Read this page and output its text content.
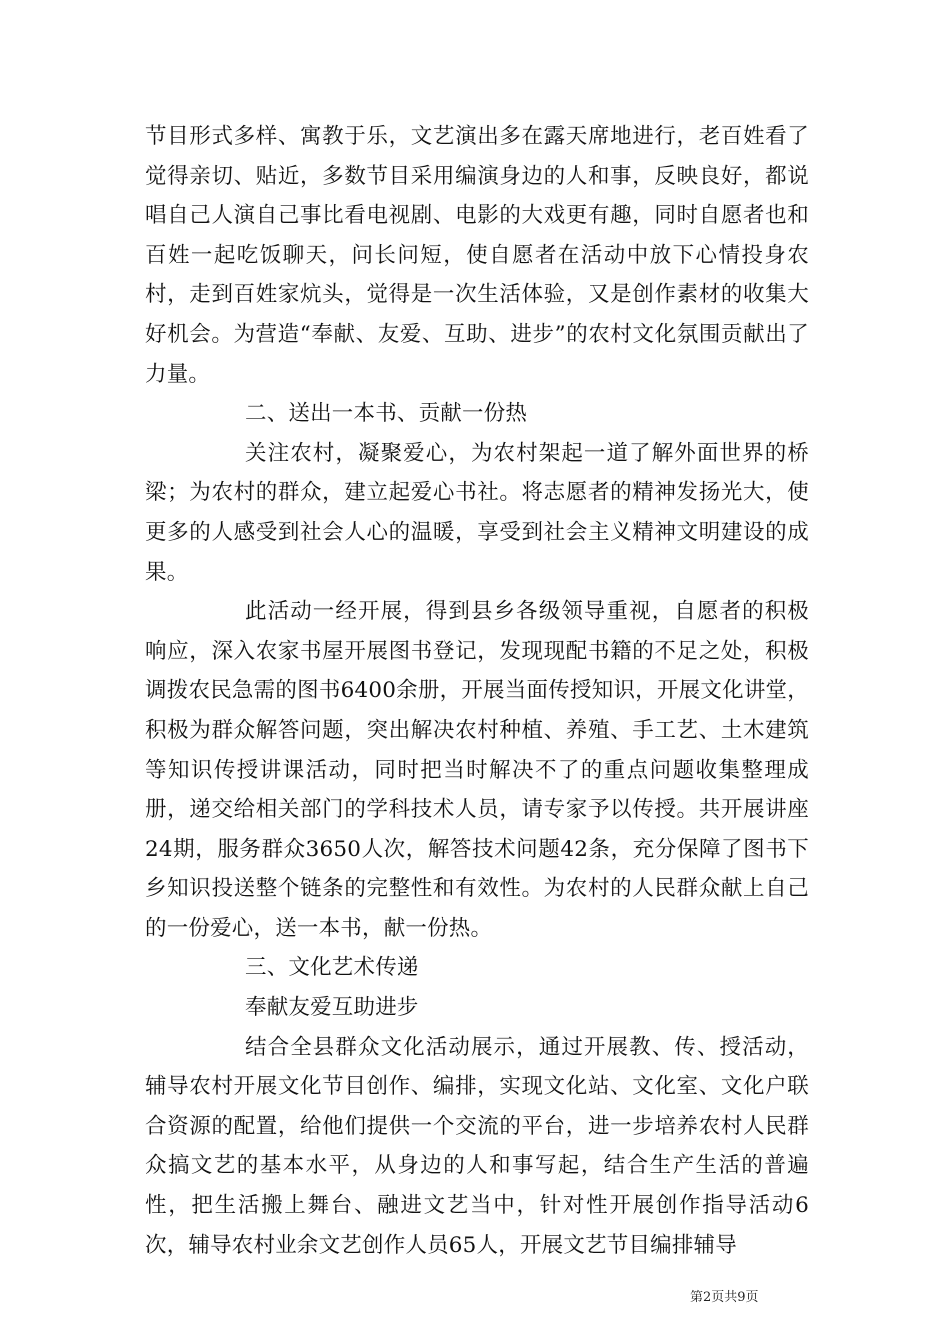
节目形式多样、寓教于乐，文艺演出多在露天席地进行，老百姓看了觉得亲切、贴近，多数节目采用编演身边的人和事，反映良好，都说唱自己人演自己事比看电视剧、电影的大戏更有趣，同时自愿者也和百姓一起吃饭聊天，问长问短，使自愿者在活动中放下心情投身农村，走到百姓家炕头，觉得是一次生活体验，又是创作素材的收集大好机会。为营造“奉献、友爱、互助、进步”的农村文化氛围贡献出了力量。

二、送出一本书、贡献一份热

关注农村，凝聚爱心，为农村架起一道了解外面世界的桥梁；为农村的群众，建立起爱心书社。将志愿者的精神发扬光大，使更多的人感受到社会人心的温暖，享受到社会主义精神文明建设的成果。

此活动一经开展，得到县乡各级领导重视，自愿者的积极响应，深入农家书屋开展图书登记，发现现配书籍的不足之处，积极调拨农民急需的图书6400余册，开展当面传授知识，开展文化讲堂，积极为群众解答问题，突出解决农村种植、养殖、手工艺、土木建筑等知识传授讲课活动，同时把当时解决不了的重点问题收集整理成册，递交给相关部门的学科技术人员，请专家予以传授。共开展讲座24期，服务群众3650人次，解答技术问题42条，充分保障了图书下乡知识投送整个链条的完整性和有效性。为农村的人民群众献上自己的一份爱心，送一本书，献一份热。

三、文化艺术传递

奉献友爱互助进步

结合全县群众文化活动展示，通过开展教、传、授活动，辅导农村开展文化节目创作、编排，实现文化站、文化室、文化户联合资源的配置，给他们提供一个交流的平台，进一步培养农村人民群众搞文艺的基本水平，从身边的人和事写起，结合生产生活的普遍性，把生活搬上舞台、融进文艺当中，针对性开展创作指导活动6次，辅导农村业余文艺创作人员65人，开展文艺节目编排辅导

第2页共9页
